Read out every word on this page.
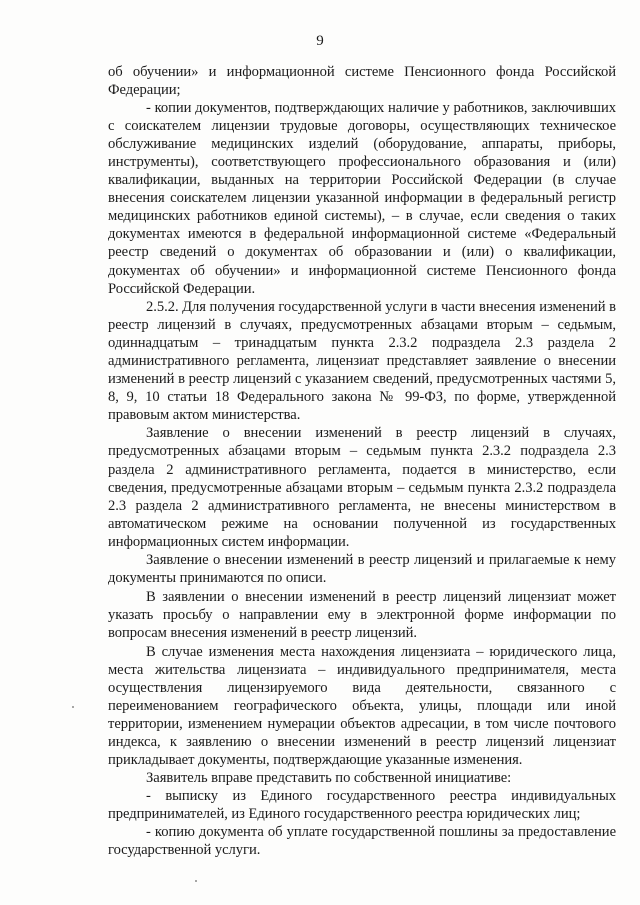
9

об обучении» и информационной системе Пенсионного фонда Российской Федерации;

- копии документов, подтверждающих наличие у работников, заключивших с соискателем лицензии трудовые договоры, осуществляющих техническое обслуживание медицинских изделий (оборудование, аппараты, приборы, инструменты), соответствующего профессионального образования и (или) квалификации, выданных на территории Российской Федерации (в случае внесения соискателем лицензии указанной информации в федеральный регистр медицинских работников единой системы), – в случае, если сведения о таких документах имеются в федеральной информационной системе «Федеральный реестр сведений о документах об образовании и (или) о квалификации, документах об обучении» и информационной системе Пенсионного фонда Российской Федерации.

2.5.2. Для получения государственной услуги в части внесения изменений в реестр лицензий в случаях, предусмотренных абзацами вторым – седьмым, одиннадцатым – тринадцатым пункта 2.3.2 подраздела 2.3 раздела 2 административного регламента, лицензиат представляет заявление о внесении изменений в реестр лицензий с указанием сведений, предусмотренных частями 5, 8, 9, 10 статьи 18 Федерального закона № 99-ФЗ, по форме, утвержденной правовым актом министерства.

Заявление о внесении изменений в реестр лицензий в случаях, предусмотренных абзацами вторым – седьмым пункта 2.3.2 подраздела 2.3 раздела 2 административного регламента, подается в министерство, если сведения, предусмотренные абзацами вторым – седьмым пункта 2.3.2 подраздела 2.3 раздела 2 административного регламента, не внесены министерством в автоматическом режиме на основании полученной из государственных информационных систем информации.

Заявление о внесении изменений в реестр лицензий и прилагаемые к нему документы принимаются по описи.

В заявлении о внесении изменений в реестр лицензий лицензиат может указать просьбу о направлении ему в электронной форме информации по вопросам внесения изменений в реестр лицензий.

В случае изменения места нахождения лицензиата – юридического лица, места жительства лицензиата – индивидуального предпринимателя, места осуществления лицензируемого вида деятельности, связанного с переименованием географического объекта, улицы, площади или иной территории, изменением нумерации объектов адресации, в том числе почтового индекса, к заявлению о внесении изменений в реестр лицензий лицензиат прикладывает документы, подтверждающие указанные изменения.

Заявитель вправе представить по собственной инициативе:

- выписку из Единого государственного реестра индивидуальных предпринимателей, из Единого государственного реестра юридических лиц;

- копию документа об уплате государственной пошлины за предоставление государственной услуги.
